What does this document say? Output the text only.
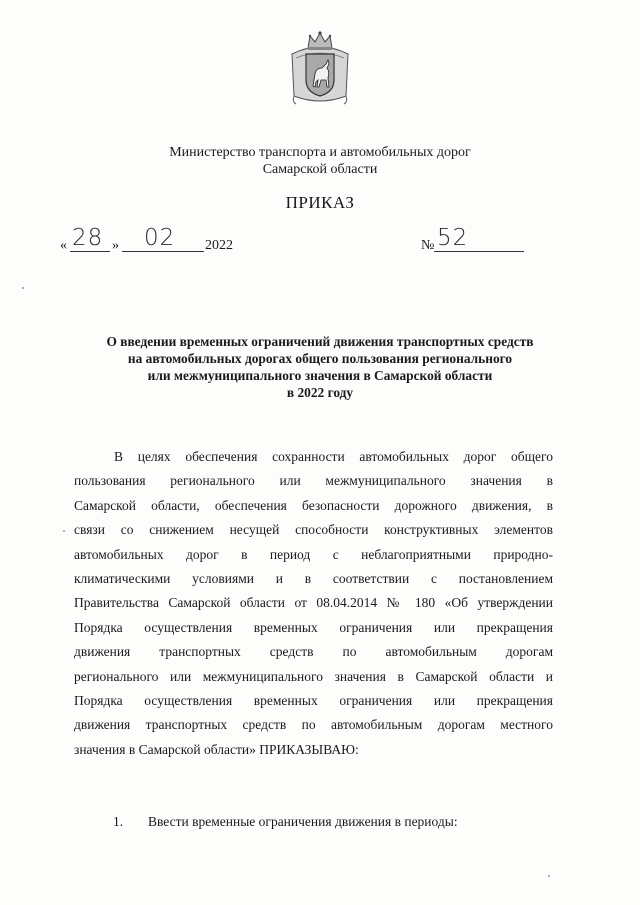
Министерство транспорта и автомобильных дорог
Самарской области
ПРИКАЗ
« 28 » 02 2022	№ 52
О введении временных ограничений движения транспортных средств
на автомобильных дорогах общего пользования регионального
или межмуниципального значения в Самарской области
в 2022 году
В целях обеспечения сохранности автомобильных дорог общего
пользования регионального или межмуниципального значения в
Самарской области, обеспечения безопасности дорожного движения, в
связи со снижением несущей способности конструктивных элементов
автомобильных дорог в период с неблагоприятными природно-
климатическими условиями и в соответствии с постановлением
Правительства Самарской области от 08.04.2014 № 180 «Об утверждении
Порядка осуществления временных ограничения или прекращения
движения транспортных средств по автомобильным дорогам
регионального или межмуниципального значения в Самарской области и
Порядка осуществления временных ограничения или прекращения
движения транспортных средств по автомобильным дорогам местного
значения в Самарской области» ПРИКАЗЫВАЮ:
1. Ввести временные ограничения движения в периоды:
